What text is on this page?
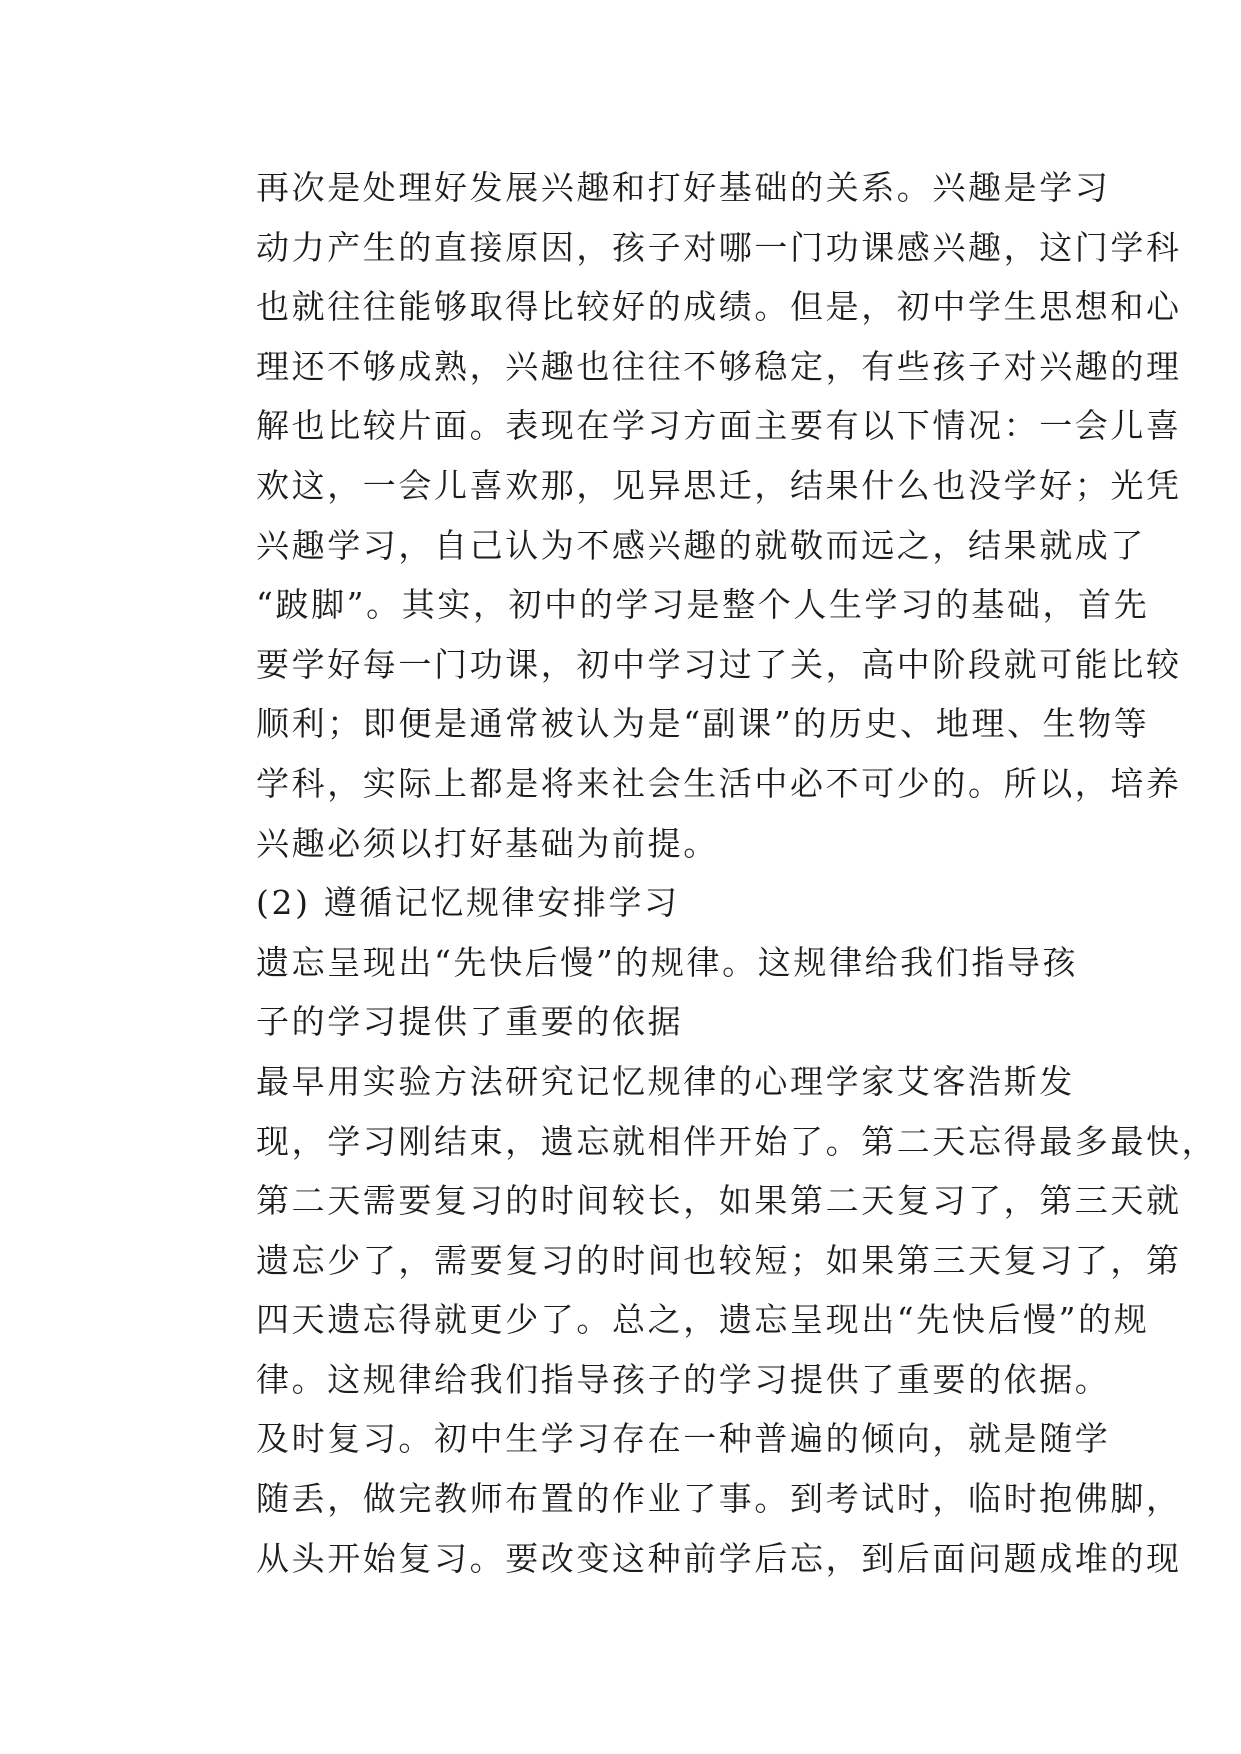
再次是处理好发展兴趣和打好基础的关系。兴趣是学习
动力产生的直接原因，孩子对哪一门功课感兴趣，这门学科
也就往往能够取得比较好的成绩。但是，初中学生思想和心
理还不够成熟，兴趣也往往不够稳定，有些孩子对兴趣的理
解也比较片面。表现在学习方面主要有以下情况：一会儿喜
欢这，一会儿喜欢那，见异思迁，结果什么也没学好；光凭
兴趣学习，自己认为不感兴趣的就敬而远之，结果就成了
“跛脚”。其实，初中的学习是整个人生学习的基础，首先
要学好每一门功课，初中学习过了关，高中阶段就可能比较
顺利；即便是通常被认为是“副课”的历史、地理、生物等
学科，实际上都是将来社会生活中必不可少的。所以，培养
兴趣必须以打好基础为前提。

(2) 遵循记忆规律安排学习

遗忘呈现出“先快后慢”的规律。这规律给我们指导孩
子的学习提供了重要的依据

最早用实验方法研究记忆规律的心理学家艾客浩斯发
现，学习刚结束，遗忘就相伴开始了。第二天忘得最多最快，
第二天需要复习的时间较长，如果第二天复习了，第三天就
遗忘少了，需要复习的时间也较短；如果第三天复习了，第
四天遗忘得就更少了。总之，遗忘呈现出“先快后慢”的规
律。这规律给我们指导孩子的学习提供了重要的依据。

及时复习。初中生学习存在一种普遍的倾向，就是随学
随丢，做完教师布置的作业了事。到考试时，临时抱佛脚，
从头开始复习。要改变这种前学后忘，到后面问题成堆的现
